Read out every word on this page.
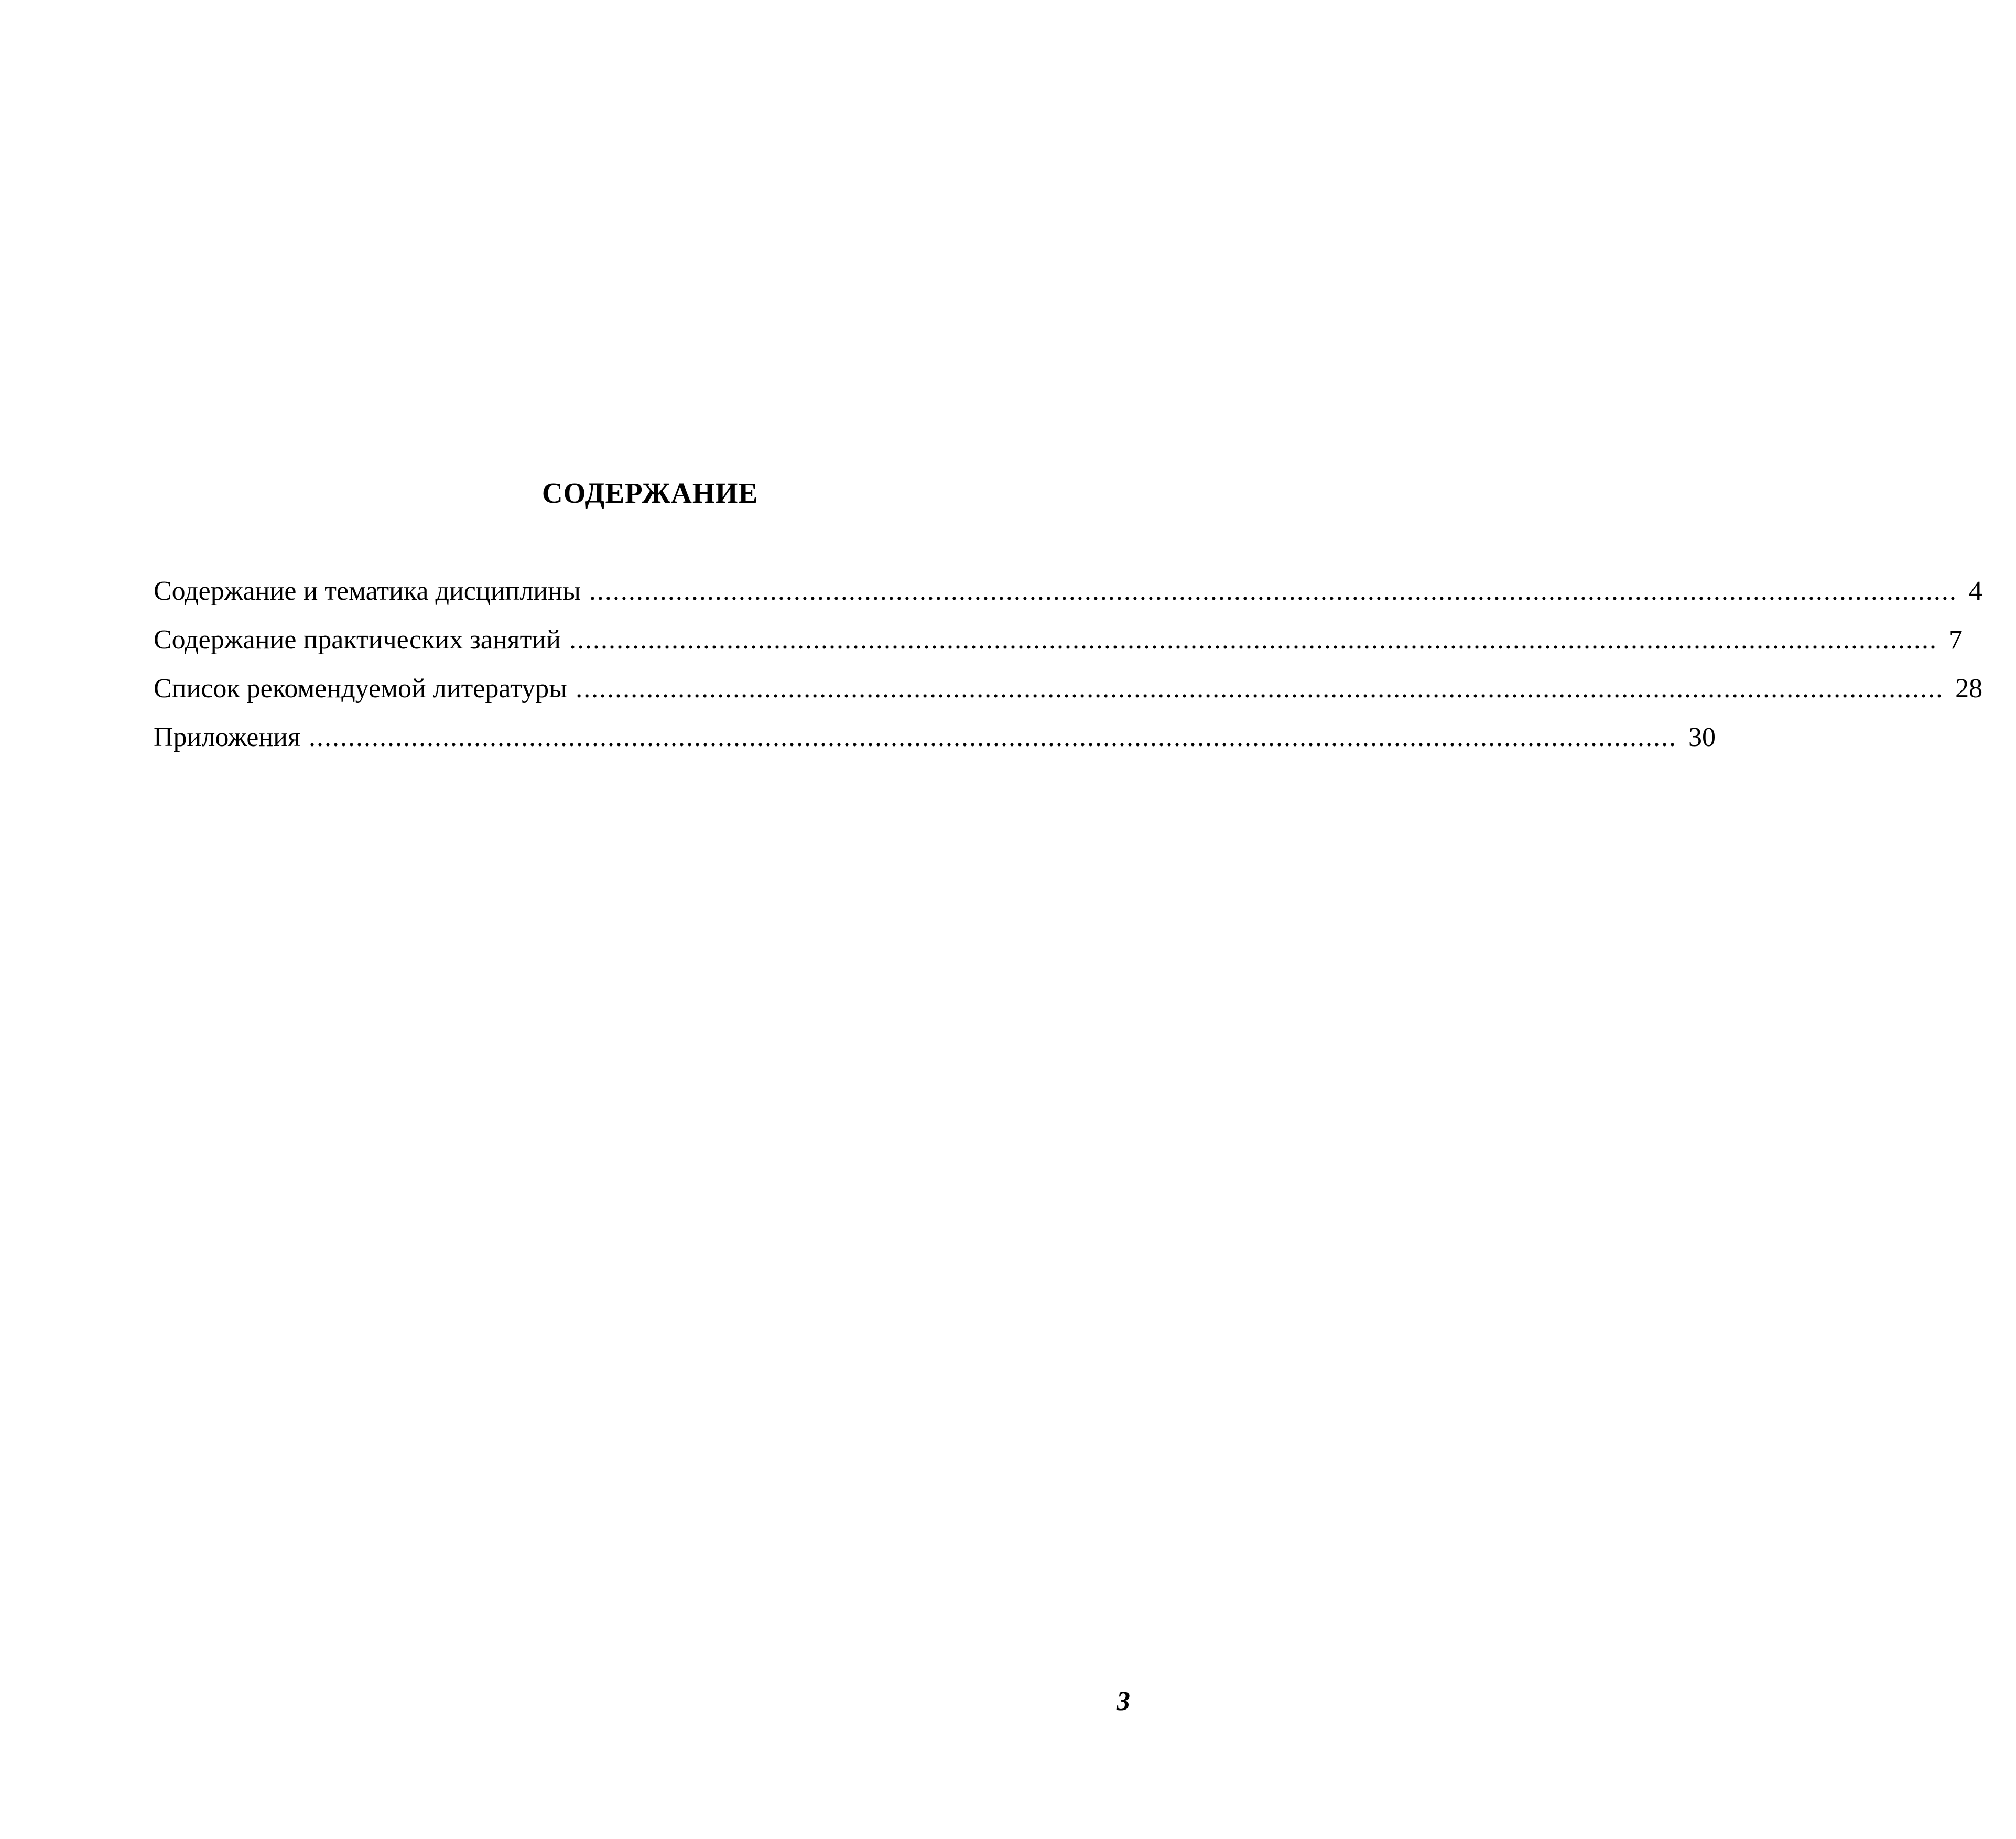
СОДЕРЖАНИЕ
Содержание и тематика дисциплины .............................................................................................................................................................................. 4
Содержание практических занятий .............................................................................................................................................................................. 7
Список рекомендуемой литературы .............................................................................................................................................................................. 28
Приложения .............................................................................................................................................................................. 30
3
